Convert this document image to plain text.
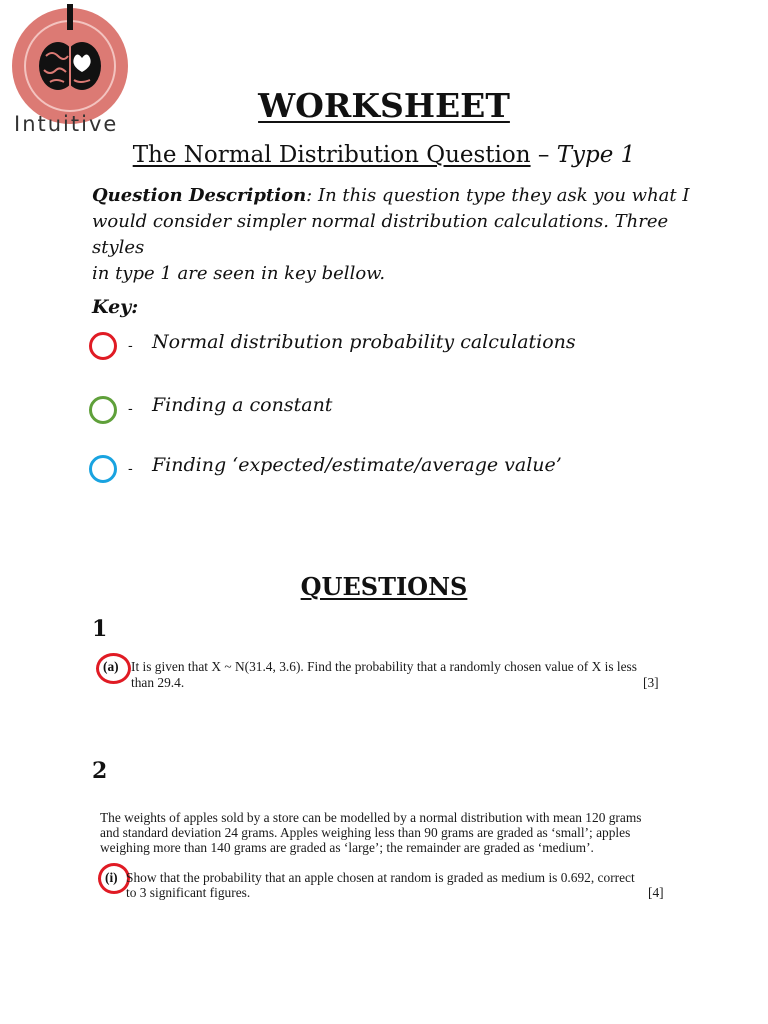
Intuitive	WORKSHEET
The Normal Distribution Question – Type 1
Question Description: In this question type they ask you what I
would consider simpler normal distribution calculations. Three styles
in type 1 are seen in key bellow.
Key:
- Normal distribution probability calculations
- Finding a constant
- Finding ‘expected/estimate/average value’
QUESTIONS
1
(a) It is given that X ~ N(31.4, 3.6). Find the probability that a randomly chosen value of X is less
than 29.4.	[3]
2
The weights of apples sold by a store can be modelled by a normal distribution with mean 120 grams
and standard deviation 24 grams. Apples weighing less than 90 grams are graded as ‘small’; apples
weighing more than 140 grams are graded as ‘large’; the remainder are graded as ‘medium’.
(i) Show that the probability that an apple chosen at random is graded as medium is 0.692, correct
to 3 significant figures.	[4]
